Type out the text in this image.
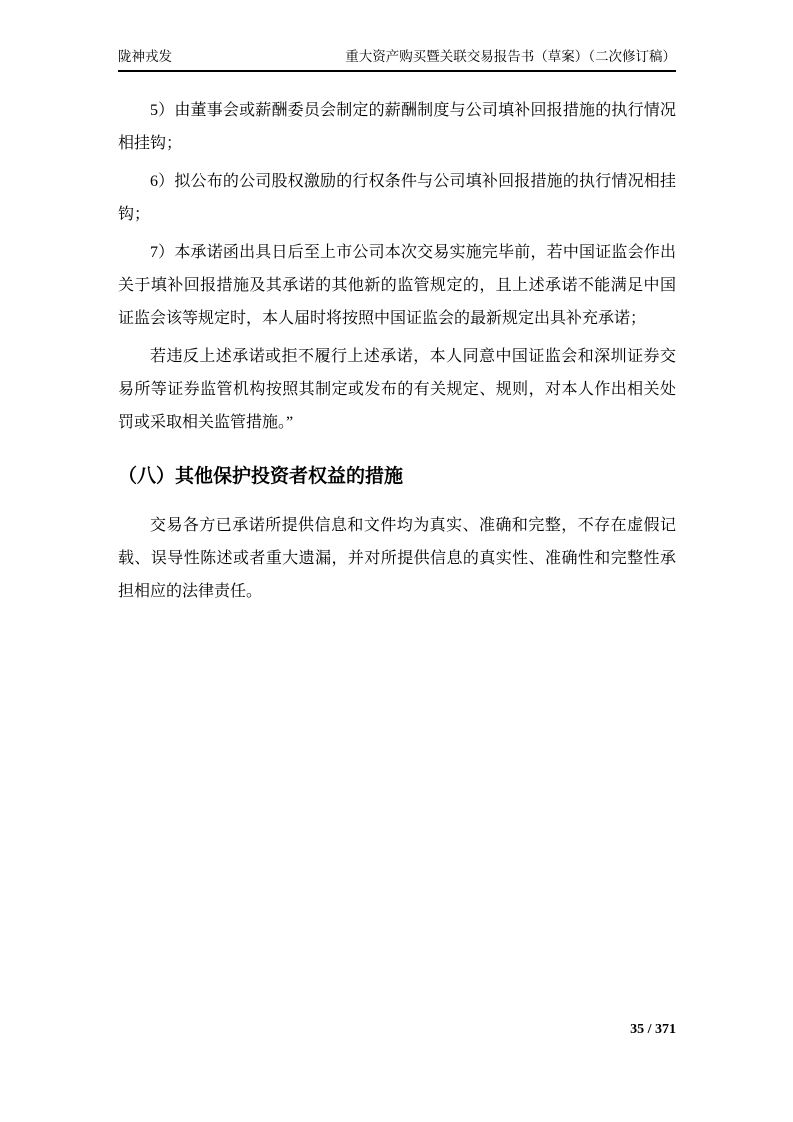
陇神戎发	重大资产购买暨关联交易报告书（草案）（二次修订稿）

5）由董事会或薪酬委员会制定的薪酬制度与公司填补回报措施的执行情况相挂钩；

6）拟公布的公司股权激励的行权条件与公司填补回报措施的执行情况相挂钩；

7）本承诺函出具日后至上市公司本次交易实施完毕前，若中国证监会作出关于填补回报措施及其承诺的其他新的监管规定的，且上述承诺不能满足中国证监会该等规定时，本人届时将按照中国证监会的最新规定出具补充承诺；

若违反上述承诺或拒不履行上述承诺，本人同意中国证监会和深圳证券交易所等证券监管机构按照其制定或发布的有关规定、规则，对本人作出相关处罚或采取相关监管措施。”

（八）其他保护投资者权益的措施

交易各方已承诺所提供信息和文件均为真实、准确和完整，不存在虚假记载、误导性陈述或者重大遗漏，并对所提供信息的真实性、准确性和完整性承担相应的法律责任。

35 / 371
